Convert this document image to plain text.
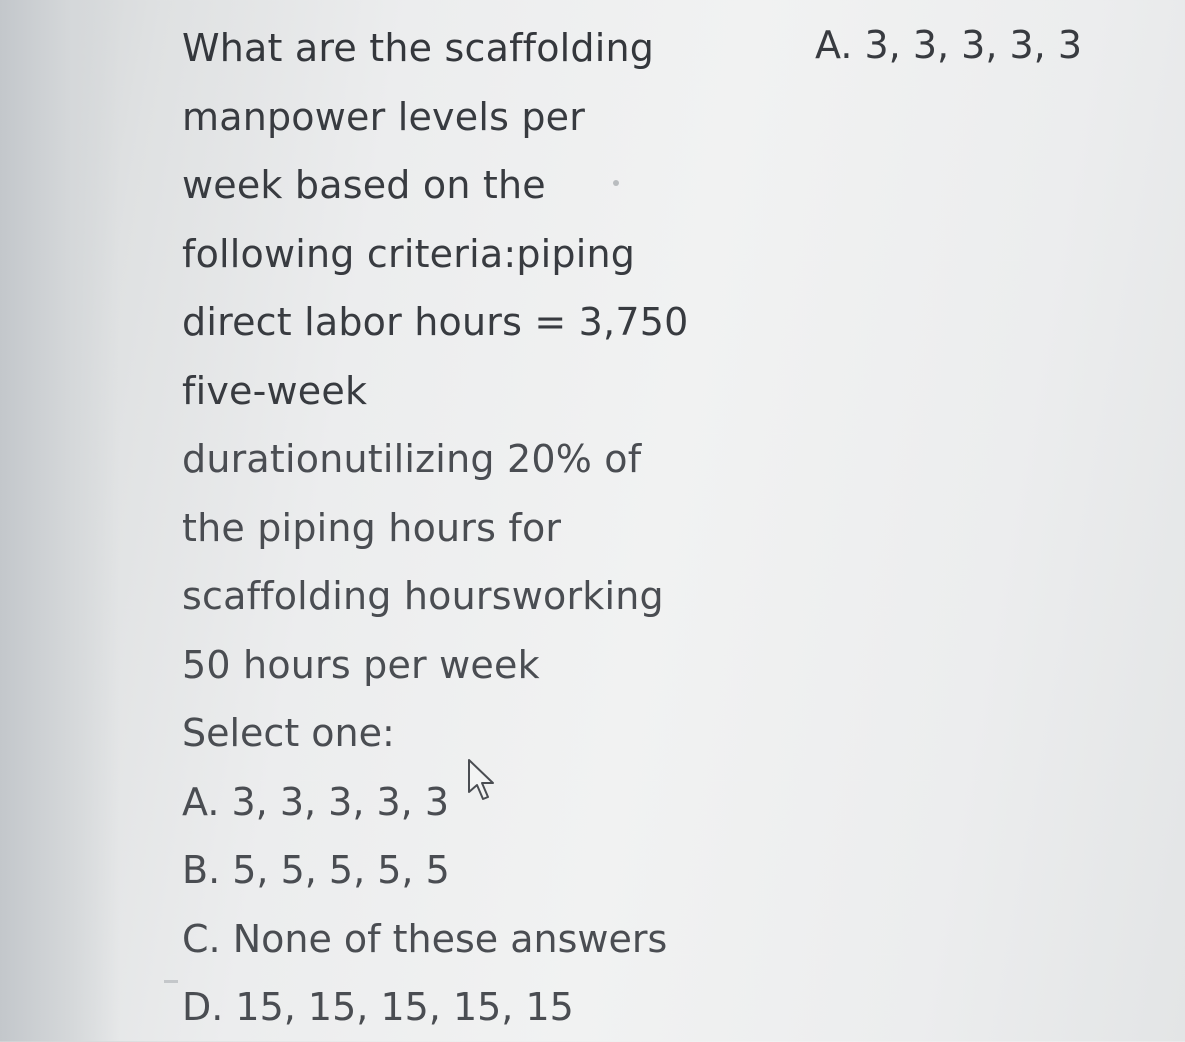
What are the scaffolding
manpower levels per
week based on the
following criteria:piping
direct labor hours = 3,750
five-week
durationutilizing 20% of
the piping hours for
scaffolding hoursworking
50 hours per week
Select one:
A. 3, 3, 3, 3, 3
B. 5, 5, 5, 5, 5
C. None of these answers
D. 15, 15, 15, 15, 15
A. 3, 3, 3, 3, 3
